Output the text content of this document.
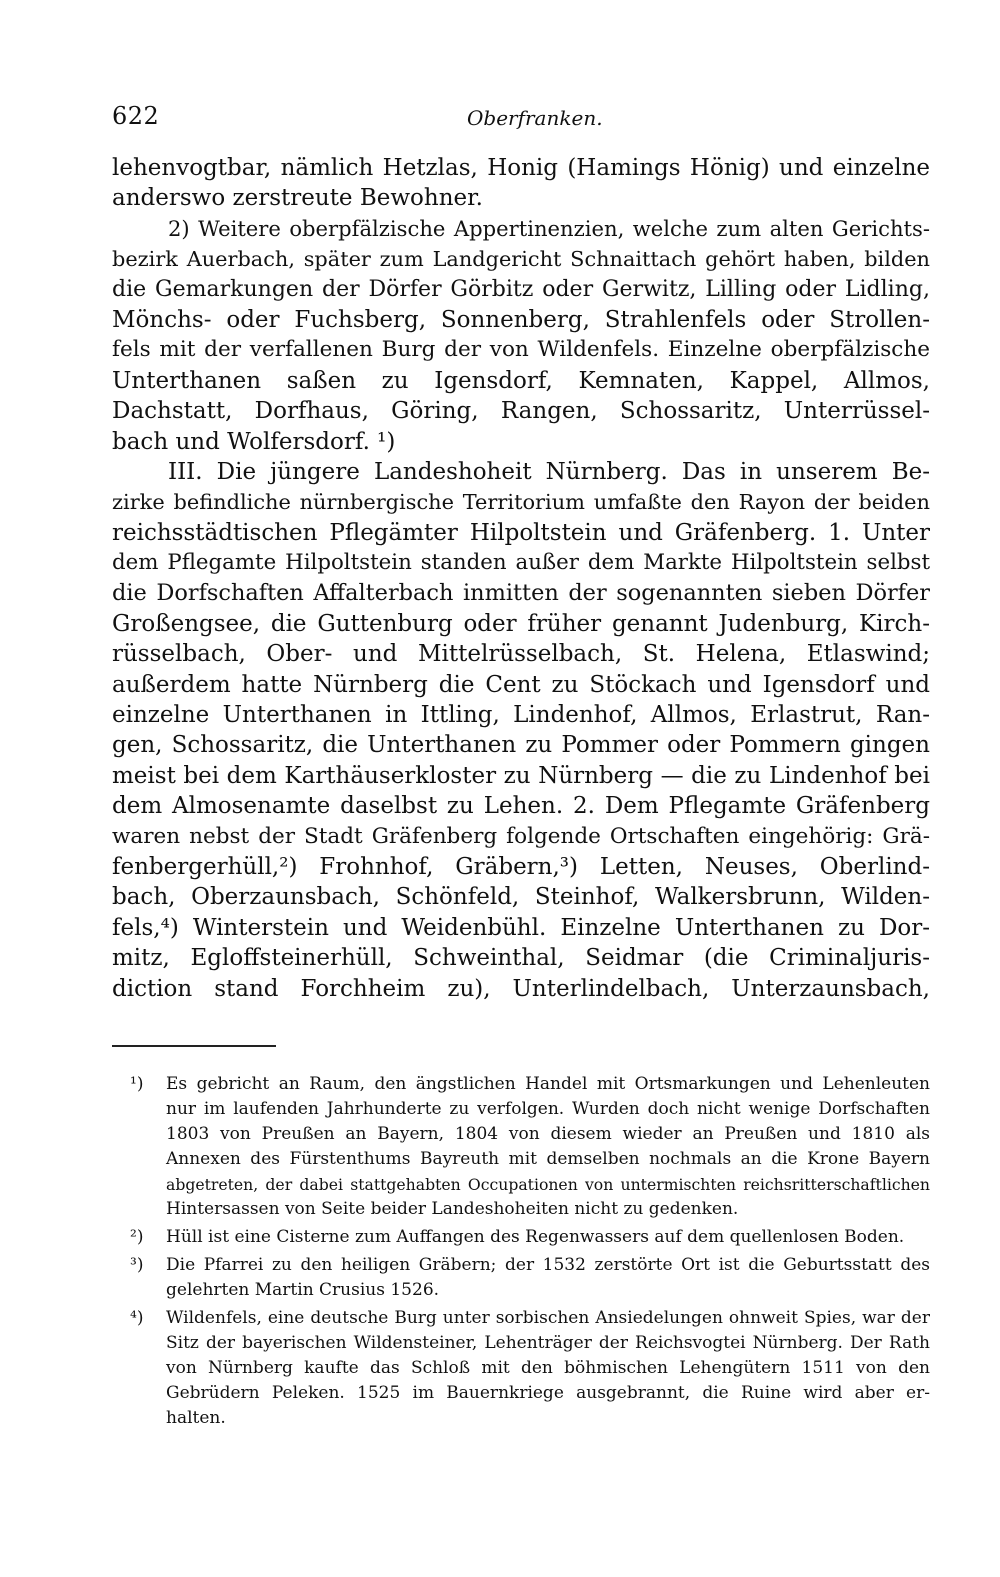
622	Oberfranken.
lehenvogtbar, nämlich Hetzlas, Honig (Hamings Hönig) und einzelne
anderswo zerstreute Bewohner.
2) Weitere oberpfälzische Appertinenzien, welche zum alten Gerichts-
bezirk Auerbach, später zum Landgericht Schnaittach gehört haben, bilden
die Gemarkungen der Dörfer Görbitz oder Gerwitz, Lilling oder Lidling,
Mönchs- oder Fuchsberg, Sonnenberg, Strahlenfels oder Strollen-
fels mit der verfallenen Burg der von Wildenfels. Einzelne oberpfälzische
Unterthanen saßen zu Igensdorf, Kemnaten, Kappel, Allmos,
Dachstatt, Dorfhaus, Göring, Rangen, Schossaritz, Unterrüssel-
bach und Wolfersdorf. ¹)
III. Die jüngere Landeshoheit Nürnberg. Das in unserem Be-
zirke befindliche nürnbergische Territorium umfaßte den Rayon der beiden
reichsstädtischen Pflegämter Hilpoltstein und Gräfenberg. 1. Unter
dem Pflegamte Hilpoltstein standen außer dem Markte Hilpoltstein selbst
die Dorfschaften Affalterbach inmitten der sogenannten sieben Dörfer
Großengsee, die Guttenburg oder früher genannt Judenburg, Kirch-
rüsselbach, Ober- und Mittelrüsselbach, St. Helena, Etlaswind;
außerdem hatte Nürnberg die Cent zu Stöckach und Igensdorf und
einzelne Unterthanen in Ittling, Lindenhof, Allmos, Erlastrut, Ran-
gen, Schossaritz, die Unterthanen zu Pommer oder Pommern gingen
meist bei dem Karthäuserkloster zu Nürnberg — die zu Lindenhof bei
dem Almosenamte daselbst zu Lehen. 2. Dem Pflegamte Gräfenberg
waren nebst der Stadt Gräfenberg folgende Ortschaften eingehörig: Grä-
fenbergerhüll,²) Frohnhof, Gräbern,³) Letten, Neuses, Oberlind-
bach, Oberzaunsbach, Schönfeld, Steinhof, Walkersbrunn, Wilden-
fels,⁴) Winterstein und Weidenbühl. Einzelne Unterthanen zu Dor-
mitz, Egloffsteinerhüll, Schweinthal, Seidmar (die Criminaljuris-
diction stand Forchheim zu), Unterlindelbach, Unterzaunsbach,
¹) Es gebricht an Raum, den ängstlichen Handel mit Ortsmarkungen und Lehenleuten
nur im laufenden Jahrhunderte zu verfolgen. Wurden doch nicht wenige Dorfschaften
1803 von Preußen an Bayern, 1804 von diesem wieder an Preußen und 1810 als
Annexen des Fürstenthums Bayreuth mit demselben nochmals an die Krone Bayern
abgetreten, der dabei stattgehabten Occupationen von untermischten reichsritterschaftlichen
Hintersassen von Seite beider Landeshoheiten nicht zu gedenken.
²) Hüll ist eine Cisterne zum Auffangen des Regenwassers auf dem quellenlosen Boden.
³) Die Pfarrei zu den heiligen Gräbern; der 1532 zerstörte Ort ist die Geburtsstatt des
gelehrten Martin Crusius 1526.
⁴) Wildenfels, eine deutsche Burg unter sorbischen Ansiedelungen ohnweit Spies, war der
Sitz der bayerischen Wildensteiner, Lehenträger der Reichsvogtei Nürnberg. Der Rath
von Nürnberg kaufte das Schloß mit den böhmischen Lehengütern 1511 von den
Gebrüdern Peleken. 1525 im Bauernkriege ausgebrannt, die Ruine wird aber er-
halten.
